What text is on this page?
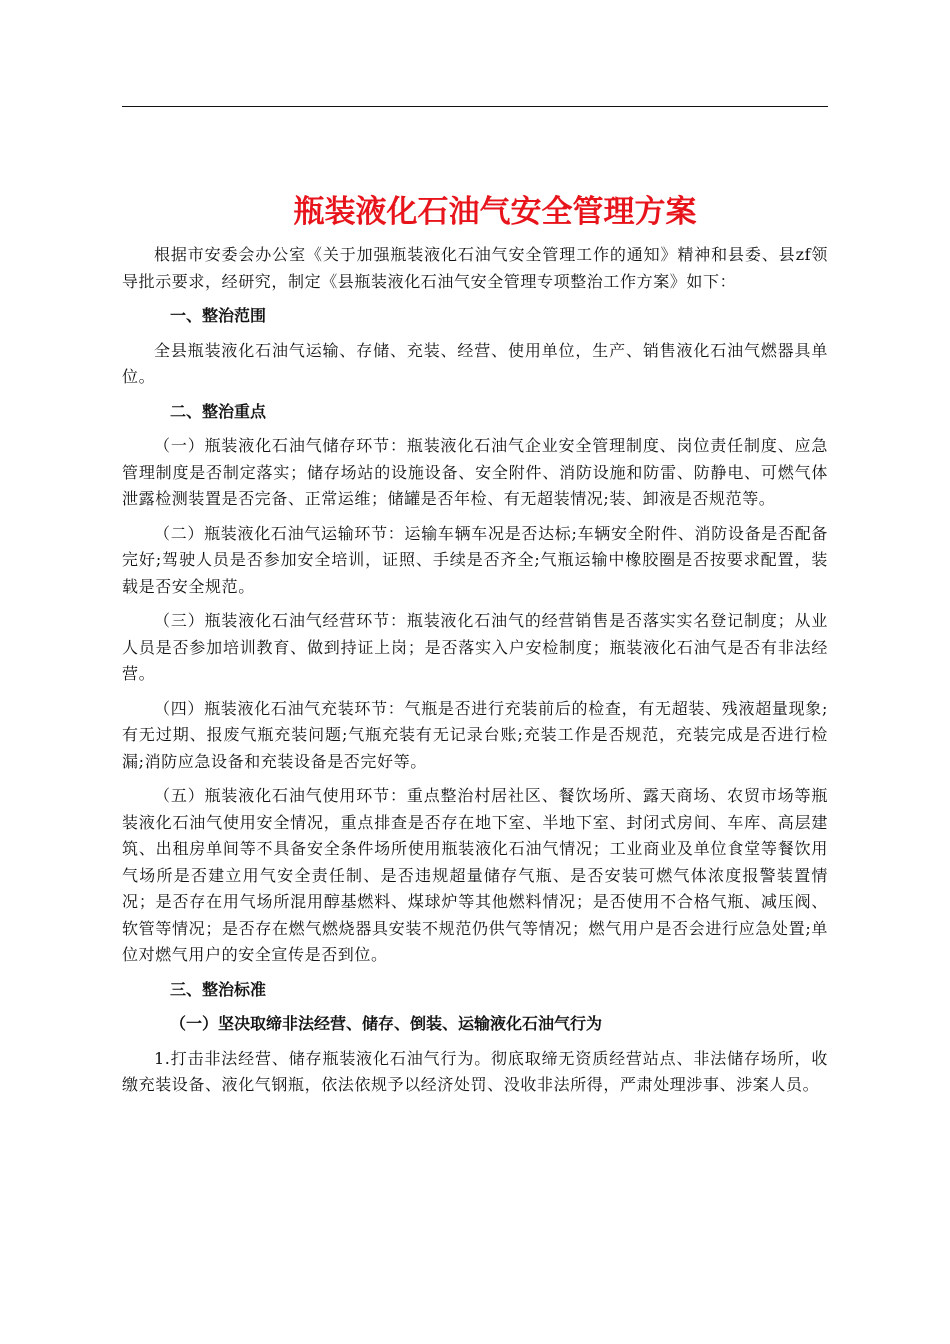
瓶装液化石油气安全管理方案

根据市安委会办公室《关于加强瓶装液化石油气安全管理工作的通知》精神和县委、县zf领导批示要求，经研究，制定《县瓶装液化石油气安全管理专项整治工作方案》如下：

一、整治范围

全县瓶装液化石油气运输、存储、充装、经营、使用单位，生产、销售液化石油气燃器具单位。

二、整治重点

（一）瓶装液化石油气储存环节：瓶装液化石油气企业安全管理制度、岗位责任制度、应急管理制度是否制定落实；储存场站的设施设备、安全附件、消防设施和防雷、防静电、可燃气体泄露检测装置是否完备、正常运维；储罐是否年检、有无超装情况;装、卸液是否规范等。

（二）瓶装液化石油气运输环节：运输车辆车况是否达标;车辆安全附件、消防设备是否配备完好;驾驶人员是否参加安全培训，证照、手续是否齐全;气瓶运输中橡胶圈是否按要求配置，装载是否安全规范。

（三）瓶装液化石油气经营环节：瓶装液化石油气的经营销售是否落实实名登记制度；从业人员是否参加培训教育、做到持证上岗；是否落实入户安检制度；瓶装液化石油气是否有非法经营。

（四）瓶装液化石油气充装环节：气瓶是否进行充装前后的检查，有无超装、残液超量现象;有无过期、报废气瓶充装问题;气瓶充装有无记录台账;充装工作是否规范，充装完成是否进行检漏;消防应急设备和充装设备是否完好等。

（五）瓶装液化石油气使用环节：重点整治村居社区、餐饮场所、露天商场、农贸市场等瓶装液化石油气使用安全情况，重点排查是否存在地下室、半地下室、封闭式房间、车库、高层建筑、出租房单间等不具备安全条件场所使用瓶装液化石油气情况；工业商业及单位食堂等餐饮用气场所是否建立用气安全责任制、是否违规超量储存气瓶、是否安装可燃气体浓度报警装置情况；是否存在用气场所混用醇基燃料、煤球炉等其他燃料情况；是否使用不合格气瓶、减压阀、软管等情况；是否存在燃气燃烧器具安装不规范仍供气等情况；燃气用户是否会进行应急处置;单位对燃气用户的安全宣传是否到位。

三、整治标准

（一）坚决取缔非法经营、储存、倒装、运输液化石油气行为

1.打击非法经营、储存瓶装液化石油气行为。彻底取缔无资质经营站点、非法储存场所，收缴充装设备、液化气钢瓶，依法依规予以经济处罚、没收非法所得，严肃处理涉事、涉案人员。
